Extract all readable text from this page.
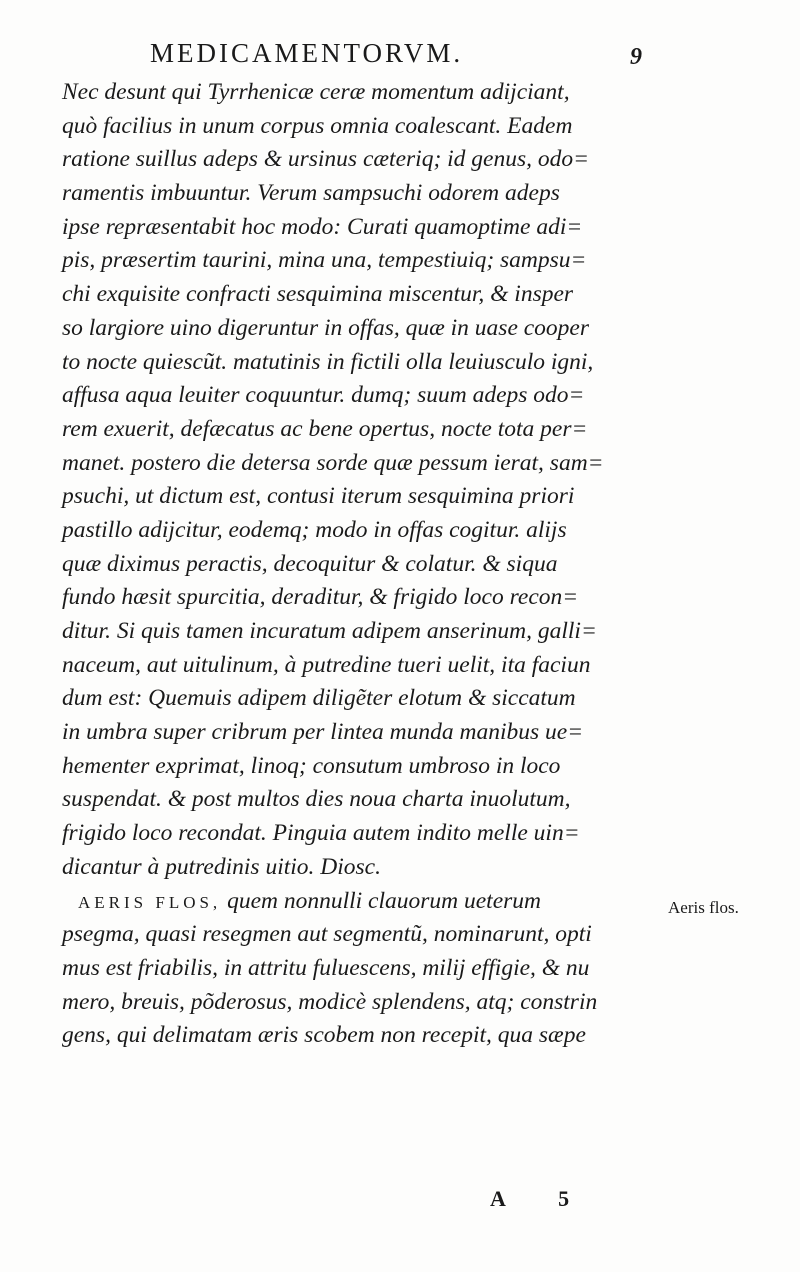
MEDICAMENTORVM.	9
Nec desunt qui Tyrrhenicæ ceræ momentum adijciant,
quò facilius in unum corpus omnia coalescant. Eadem
ratione suillus adeps & ursinus cæteriq; id genus, odo=
ramentis imbuuntur. Verum sampsuchi odorem adeps
ipse repræsentabit hoc modo: Curati quamoptime adi=
pis, præsertim taurini, mina una, tempestiuiq; sampsu=
chi exquisite confracti sesquimina miscentur, & insper
so largiore uino digeruntur in offas, quæ in uase cooper
to nocte quiescũt. matutinis in fictili olla leuiusculo igni,
affusa aqua leuiter coquuntur. dumq; suum adeps odo=
rem exuerit, defæcatus ac bene opertus, nocte tota per=
manet. postero die detersa sorde quæ pessum ierat, sam=
psuchi, ut dictum est, contusi iterum sesquimina priori
pastillo adijcitur, eodemq; modo in offas cogitur. alijs
quæ diximus peractis, decoquitur & colatur. & siqua
fundo hæsit spurcitia, deraditur, & frigido loco recon=
ditur. Si quis tamen incuratum adipem anserinum, galli=
naceum, aut uitulinum, à putredine tueri uelit, ita faciun
dum est: Quemuis adipem diligẽter elotum & siccatum
in umbra super cribrum per lintea munda manibus ue=
hementer exprimat, linoq; consutum umbroso in loco
suspendat. & post multos dies noua charta inuolutum,
frigido loco recondat. Pinguia autem indito melle uin=
dicantur à putredinis uitio. Diosc.
AERIS FLOS, quem nonnulli clauorum ueterum
psegma, quasi resegmen aut segmentũ, nominarunt, opti
mus est friabilis, in attritu fuluescens, milij effigie, & nu
mero, breuis, põderosus, modicè splendens, atq; constrin
gens, qui delimatam æris scobem non recepit, qua sæpe
Aeris flos.
A 5
